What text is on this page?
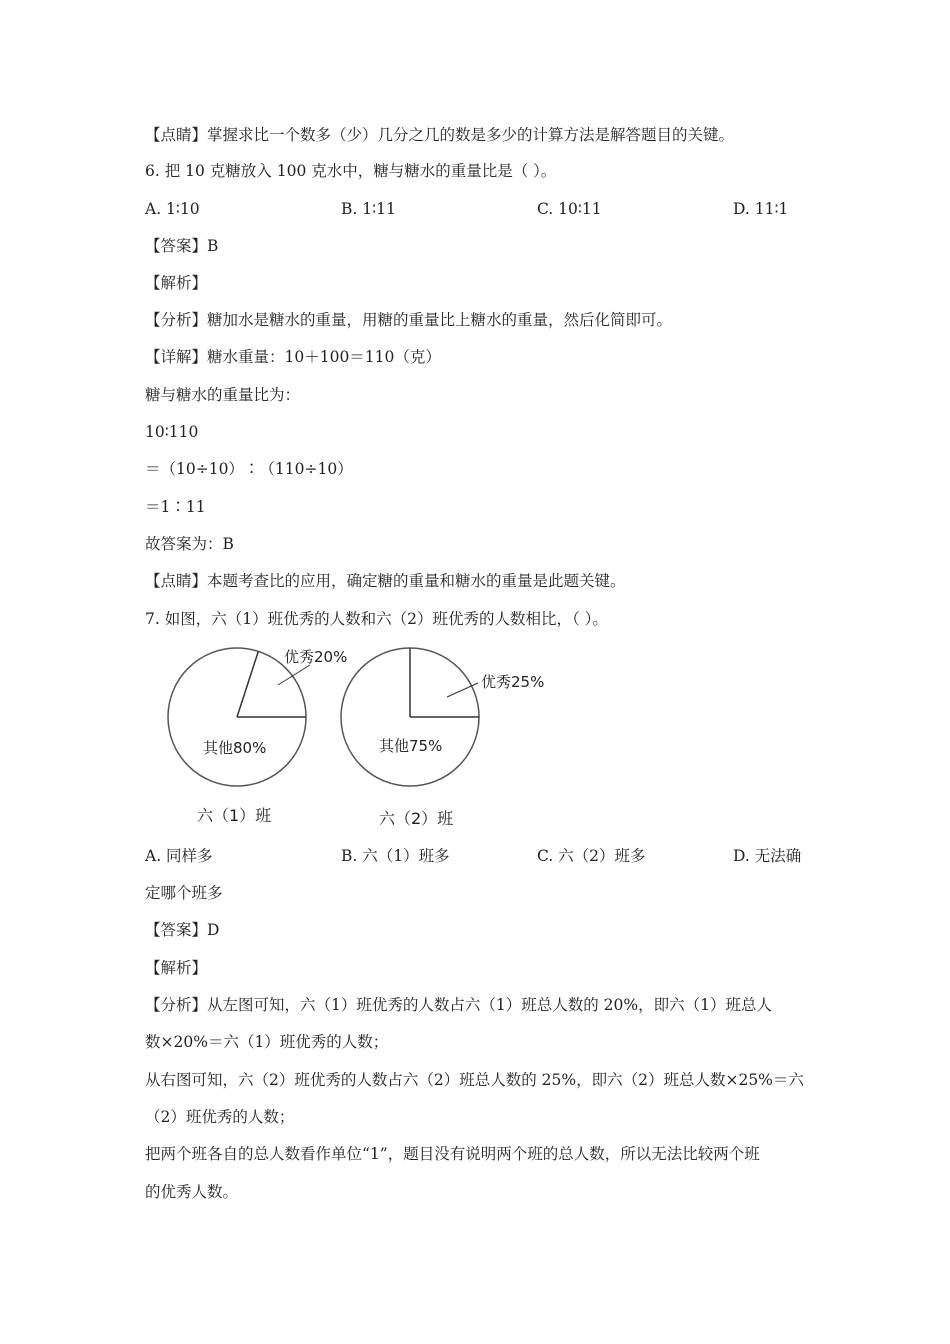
【点睛】掌握求比一个数多（少）几分之几的数是多少的计算方法是解答题目的关键。
6. 把 10 克糖放入 100 克水中，糖与糖水的重量比是（ ）。
A. 1∶10	B. 1∶11	C. 10∶11	D. 11∶1
【答案】B
【解析】
【分析】糖加水是糖水的重量，用糖的重量比上糖水的重量，然后化简即可。
【详解】糖水重量：10＋100＝110（克）
糖与糖水的重量比为：
10∶110
＝（10÷10）∶（110÷10）
＝1∶11
故答案为：B
【点睛】本题考查比的应用，确定糖的重量和糖水的重量是此题关键。
7. 如图，六（1）班优秀的人数和六（2）班优秀的人数相比，（ ）。
优秀20%
其他80%
六（1）班
优秀25%
其他75%
六（2）班
A. 同样多	B. 六（1）班多	C. 六（2）班多	D. 无法确
定哪个班多
【答案】D
【解析】
【分析】从左图可知，六（1）班优秀的人数占六（1）班总人数的 20%，即六（1）班总人
数×20%＝六（1）班优秀的人数；
从右图可知，六（2）班优秀的人数占六（2）班总人数的 25%，即六（2）班总人数×25%＝六
（2）班优秀的人数；
把两个班各自的总人数看作单位“1”，题目没有说明两个班的总人数，所以无法比较两个班
的优秀人数。
